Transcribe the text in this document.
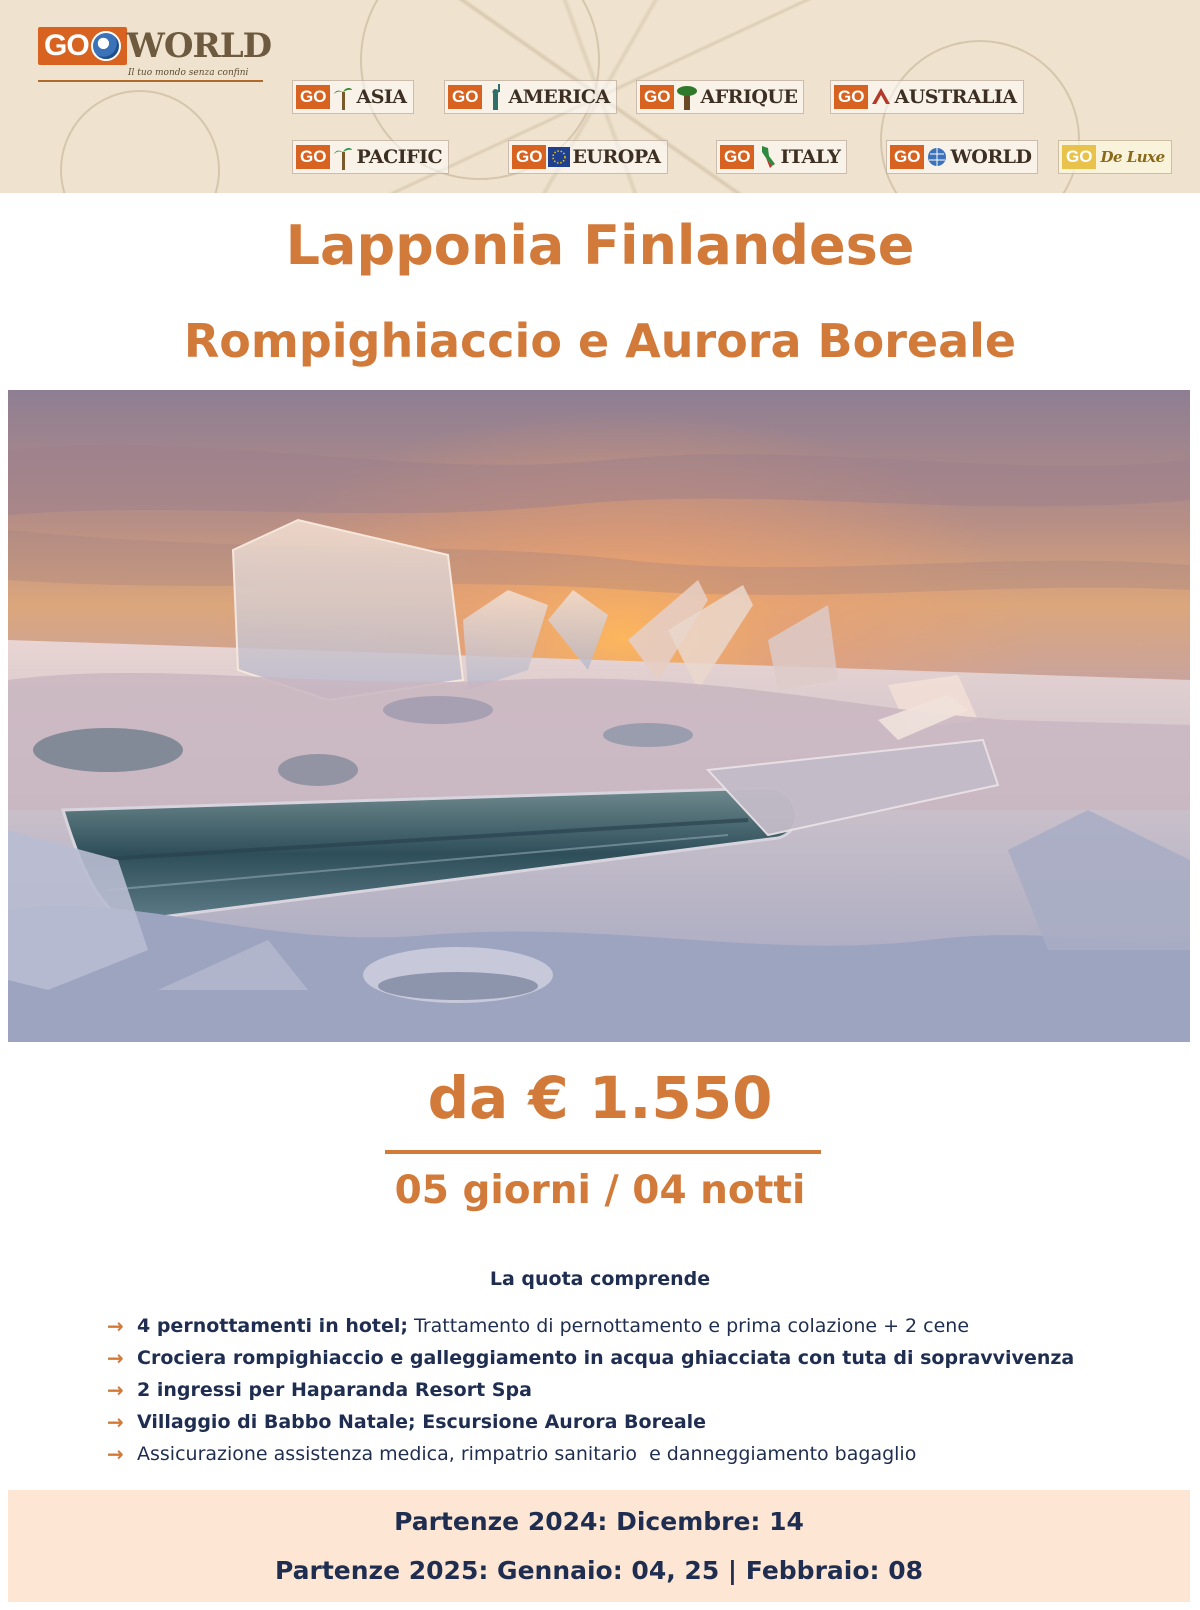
GO WORLD
Il tuo mondo senza confini
GO ASIA	GO AMERICA GO AFRIQUE GO AUSTRALIA
GO PACIFIC	GO EUROPA	GO ITALY	GO WORLD GO De Luxe
Lapponia Finlandese
Rompighiaccio e Aurora Boreale
da € 1.550
05 giorni / 04 notti
La quota comprende
→ 4 pernottamenti in hotel; Trattamento di pernottamento e prima colazione + 2 cene
→ Crociera rompighiaccio e galleggiamento in acqua ghiacciata con tuta di sopravvivenza
→ 2 ingressi per Haparanda Resort Spa
→ Villaggio di Babbo Natale; Escursione Aurora Boreale
→ Assicurazione assistenza medica, rimpatrio sanitario  e danneggiamento bagaglio
Partenze 2024: Dicembre: 14
Partenze 2025: Gennaio: 04, 25 | Febbraio: 08
